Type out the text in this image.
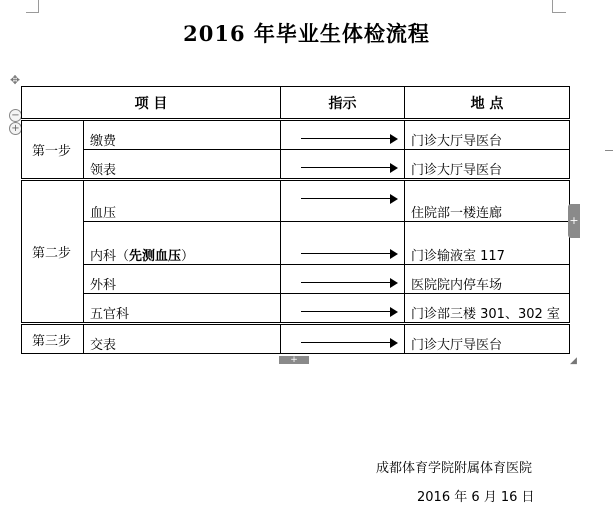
2016 年毕业生体检流程
✥
−
+
项 目		指示	地 点
第一步	缴费		门诊大厅导医台
	领表		门诊大厅导医台
第二步	血压		住院部一楼连廊
	内科（先测血压）		门诊输液室 117
	外科		医院院内停车场
	五官科		门诊部三楼 301、302 室
第三步	交表		门诊大厅导医台
+	◢
+
成都体育学院附属体育医院
2016 年 6 月 16 日
